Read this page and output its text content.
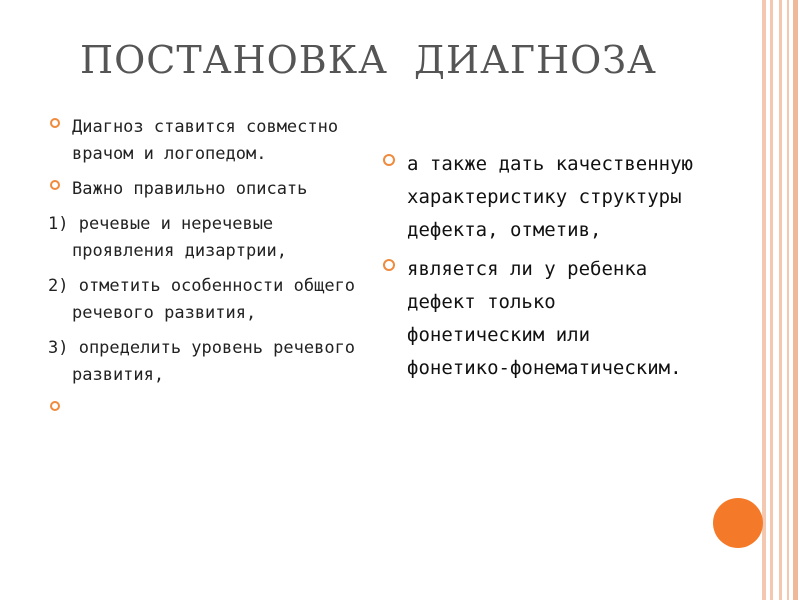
ПОСТАНОВКА  ДИАГНОЗА
Диагноз ставится совместно врачом и логопедом.
Важно правильно описать
1) речевые и неречевые проявления дизартрии,
2) отметить особенности общего речевого развития,
3) определить уровень речевого развития,

а также дать качественную характеристику структуры дефекта, отметив,
является ли у ребенка дефект только фонетическим или фонетико-фонематическим.
